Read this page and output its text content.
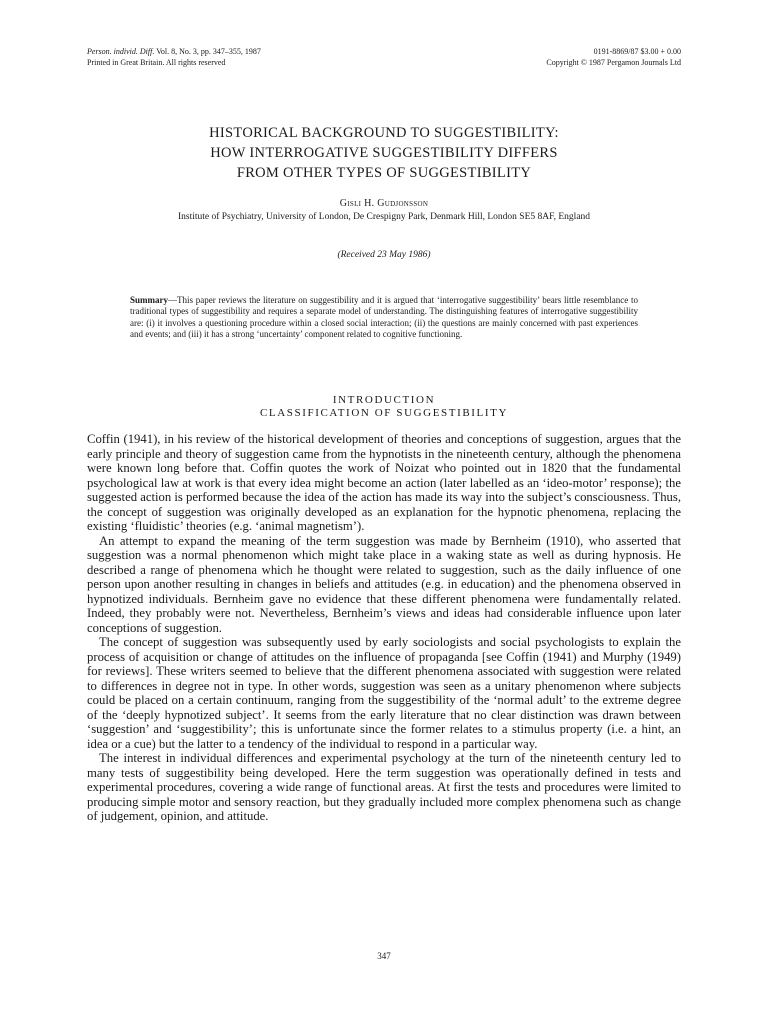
Person. individ. Diff. Vol. 8, No. 3, pp. 347–355, 1987
Printed in Great Britain. All rights reserved
0191-8869/87 $3.00 + 0.00
Copyright © 1987 Pergamon Journals Ltd
HISTORICAL BACKGROUND TO SUGGESTIBILITY:
HOW INTERROGATIVE SUGGESTIBILITY DIFFERS
FROM OTHER TYPES OF SUGGESTIBILITY
Gisli H. Gudjonsson
Institute of Psychiatry, University of London, De Crespigny Park, Denmark Hill, London SE5 8AF, England
(Received 23 May 1986)
Summary—This paper reviews the literature on suggestibility and it is argued that ‘interrogative suggestibility’ bears little resemblance to traditional types of suggestibility and requires a separate model of understanding. The distinguishing features of interrogative suggestibility are: (i) it involves a questioning procedure within a closed social interaction; (ii) the questions are mainly concerned with past experiences and events; and (iii) it has a strong ‘uncertainty’ component related to cognitive functioning.
INTRODUCTION
CLASSIFICATION OF SUGGESTIBILITY

Coffin (1941), in his review of the historical development of theories and conceptions of suggestion, argues that the early principle and theory of suggestion came from the hypnotists in the nineteenth century, although the phenomena were known long before that. Coffin quotes the work of Noizat who pointed out in 1820 that the fundamental psychological law at work is that every idea might become an action (later labelled as an ‘ideo-motor’ response); the suggested action is performed because the idea of the action has made its way into the subject’s consciousness. Thus, the concept of suggestion was originally developed as an explanation for the hypnotic phenomena, replacing the existing ‘fluidistic’ theories (e.g. ‘animal magnetism’).

An attempt to expand the meaning of the term suggestion was made by Bernheim (1910), who asserted that suggestion was a normal phenomenon which might take place in a waking state as well as during hypnosis. He described a range of phenomena which he thought were related to suggestion, such as the daily influence of one person upon another resulting in changes in beliefs and attitudes (e.g. in education) and the phenomena observed in hypnotized individuals. Bernheim gave no evidence that these different phenomena were fundamentally related. Indeed, they probably were not. Nevertheless, Bernheim’s views and ideas had considerable influence upon later conceptions of suggestion.

The concept of suggestion was subsequently used by early sociologists and social psychologists to explain the process of acquisition or change of attitudes on the influence of propaganda [see Coffin (1941) and Murphy (1949) for reviews]. These writers seemed to believe that the different phenomena associated with suggestion were related to differences in degree not in type. In other words, suggestion was seen as a unitary phenomenon where subjects could be placed on a certain continuum, ranging from the suggestibility of the ‘normal adult’ to the extreme degree of the ‘deeply hypnotized subject’. It seems from the early literature that no clear distinction was drawn between ‘suggestion’ and ‘suggestibility’; this is unfortunate since the former relates to a stimulus property (i.e. a hint, an idea or a cue) but the latter to a tendency of the individual to respond in a particular way.

The interest in individual differences and experimental psychology at the turn of the nineteenth century led to many tests of suggestibility being developed. Here the term suggestion was operationally defined in tests and experimental procedures, covering a wide range of functional areas. At first the tests and procedures were limited to producing simple motor and sensory reaction, but they gradually included more complex phenomena such as change of judgement, opinion, and attitude.

347
